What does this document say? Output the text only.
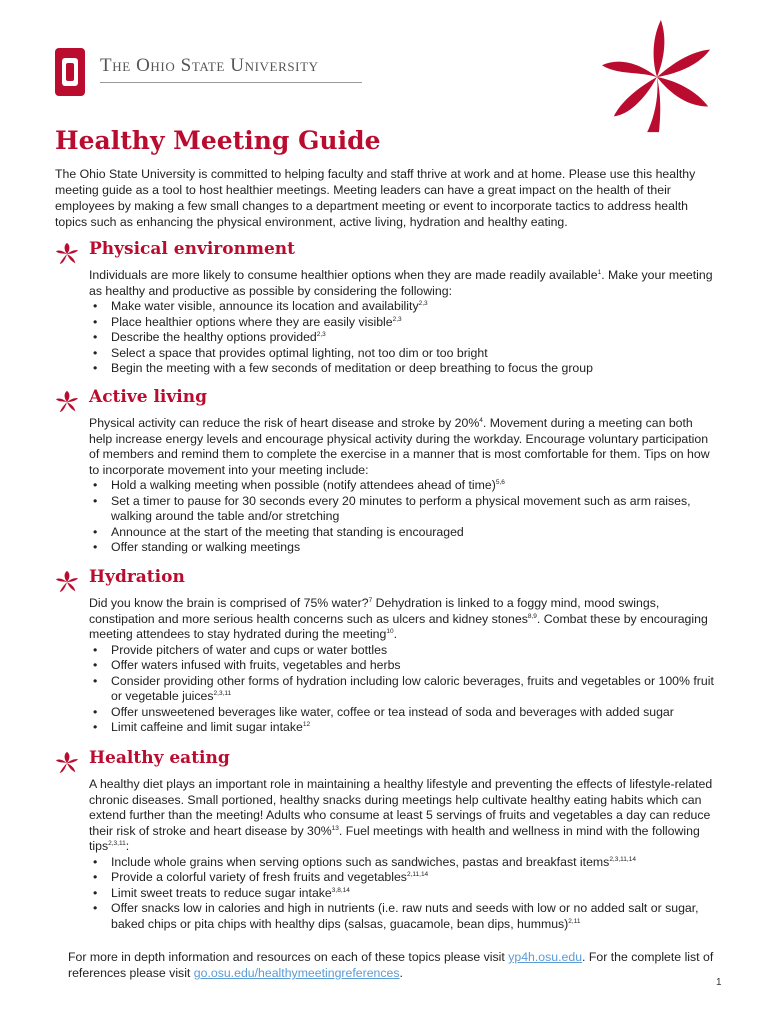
The Ohio State University
Healthy Meeting Guide

The Ohio State University is committed to helping faculty and staff thrive at work and at home. Please use this healthy meeting guide as a tool to host healthier meetings. Meeting leaders can have a great impact on the health of their employees by making a few small changes to a department meeting or event to incorporate tactics to address health topics such as enhancing the physical environment, active living, hydration and healthy eating.

Physical environment

Individuals are more likely to consume healthier options when they are made readily available$^1$. Make your meeting as healthy and productive as possible by considering the following:

• Make water visible, announce its location and availability$^{2,3}$
• Place healthier options where they are easily visible$^{2,3}$
• Describe the healthy options provided$^{2,3}$
• Select a space that provides optimal lighting, not too dim or too bright
• Begin the meeting with a few seconds of meditation or deep breathing to focus the group
Active living

Physical activity can reduce the risk of heart disease and stroke by 20%$^4$. Movement during a meeting can both help increase energy levels and encourage physical activity during the workday. Encourage voluntary participation of members and remind them to complete the exercise in a manner that is most comfortable for them. Tips on how to incorporate movement into your meeting include:

• Hold a walking meeting when possible (notify attendees ahead of time)$^{5,6}$
• Set a timer to pause for 30 seconds every 20 minutes to perform a physical movement such as arm raises, walking around the table and/or stretching
• Announce at the start of the meeting that standing is encouraged
• Offer standing or walking meetings
Hydration

Did you know the brain is comprised of 75% water?$^7$ Dehydration is linked to a foggy mind, mood swings, constipation and more serious health concerns such as ulcers and kidney stones$^{8,9}$. Combat these by encouraging meeting attendees to stay hydrated during the meeting$^{10}$.

• Provide pitchers of water and cups or water bottles
• Offer waters infused with fruits, vegetables and herbs
• Consider providing other forms of hydration including low caloric beverages, fruits and vegetables or 100% fruit or vegetable juices$^{2,3,11}$
• Offer unsweetened beverages like water, coffee or tea instead of soda and beverages with added sugar
• Limit caffeine and limit sugar intake$^{12}$
Healthy eating

A healthy diet plays an important role in maintaining a healthy lifestyle and preventing the effects of lifestyle-related chronic diseases. Small portioned, healthy snacks during meetings help cultivate healthy eating habits which can extend further than the meeting! Adults who consume at least 5 servings of fruits and vegetables a day can reduce their risk of stroke and heart disease by 30%$^{13}$. Fuel meetings with health and wellness in mind with the following tips$^{2,3,11}$:

• Include whole grains when serving options such as sandwiches, pastas and breakfast items$^{2,3,11,14}$
• Provide a colorful variety of fresh fruits and vegetables$^{2,11,14}$
• Limit sweet treats to reduce sugar intake$^{3,8,14}$
• Offer snacks low in calories and high in nutrients (i.e. raw nuts and seeds with low or no added salt or sugar, baked chips or pita chips with healthy dips (salsas, guacamole, bean dips, hummus)$^{2,11}$

For more in depth information and resources on each of these topics please visit yp4h.osu.edu. For the complete list of references please visit go.osu.edu/healthymeetingreferences.

1
